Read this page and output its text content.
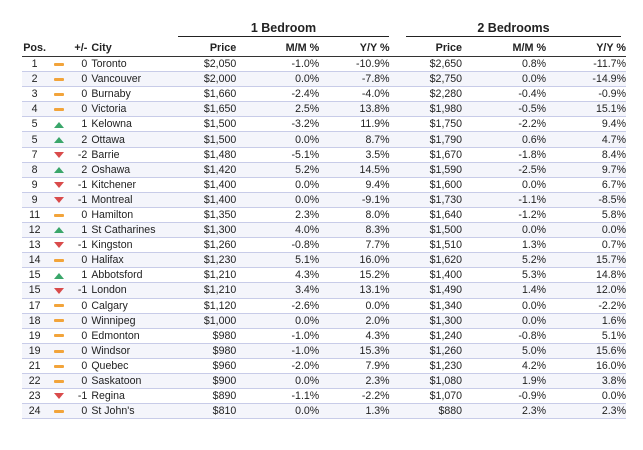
1 Bedroom	2 Bedrooms
Pos.		+/-	City	Price	M/M %	Y/Y %		Price	M/M %	Y/Y %
1		0	Toronto	$2,050	-1.0%	-10.9%		$2,650	0.8%	-11.7%
2		0	Vancouver	$2,000	0.0%	-7.8%		$2,750	0.0%	-14.9%
3		0	Burnaby	$1,660	-2.4%	-4.0%		$2,280	-0.4%	-0.9%
4		0	Victoria	$1,650	2.5%	13.8%		$1,980	-0.5%	15.1%
5		1	Kelowna	$1,500	-3.2%	11.9%		$1,750	-2.2%	9.4%
5		2	Ottawa	$1,500	0.0%	8.7%		$1,790	0.6%	4.7%
7		-2	Barrie	$1,480	-5.1%	3.5%		$1,670	-1.8%	8.4%
8		2	Oshawa	$1,420	5.2%	14.5%		$1,590	-2.5%	9.7%
9		-1	Kitchener	$1,400	0.0%	9.4%		$1,600	0.0%	6.7%
9		-1	Montreal	$1,400	0.0%	-9.1%		$1,730	-1.1%	-8.5%
11		0	Hamilton	$1,350	2.3%	8.0%		$1,640	-1.2%	5.8%
12		1	St Catharines	$1,300	4.0%	8.3%		$1,500	0.0%	0.0%
13		-1	Kingston	$1,260	-0.8%	7.7%		$1,510	1.3%	0.7%
14		0	Halifax	$1,230	5.1%	16.0%		$1,620	5.2%	15.7%
15		1	Abbotsford	$1,210	4.3%	15.2%		$1,400	5.3%	14.8%
15		-1	London	$1,210	3.4%	13.1%		$1,490	1.4%	12.0%
17		0	Calgary	$1,120	-2.6%	0.0%		$1,340	0.0%	-2.2%
18		0	Winnipeg	$1,000	0.0%	2.0%		$1,300	0.0%	1.6%
19		0	Edmonton	$980	-1.0%	4.3%		$1,240	-0.8%	5.1%
19		0	Windsor	$980	-1.0%	15.3%		$1,260	5.0%	15.6%
21		0	Quebec	$960	-2.0%	7.9%		$1,230	4.2%	16.0%
22		0	Saskatoon	$900	0.0%	2.3%		$1,080	1.9%	3.8%
23		-1	Regina	$890	-1.1%	-2.2%		$1,070	-0.9%	0.0%
24		0	St John's	$810	0.0%	1.3%		$880	2.3%	2.3%
